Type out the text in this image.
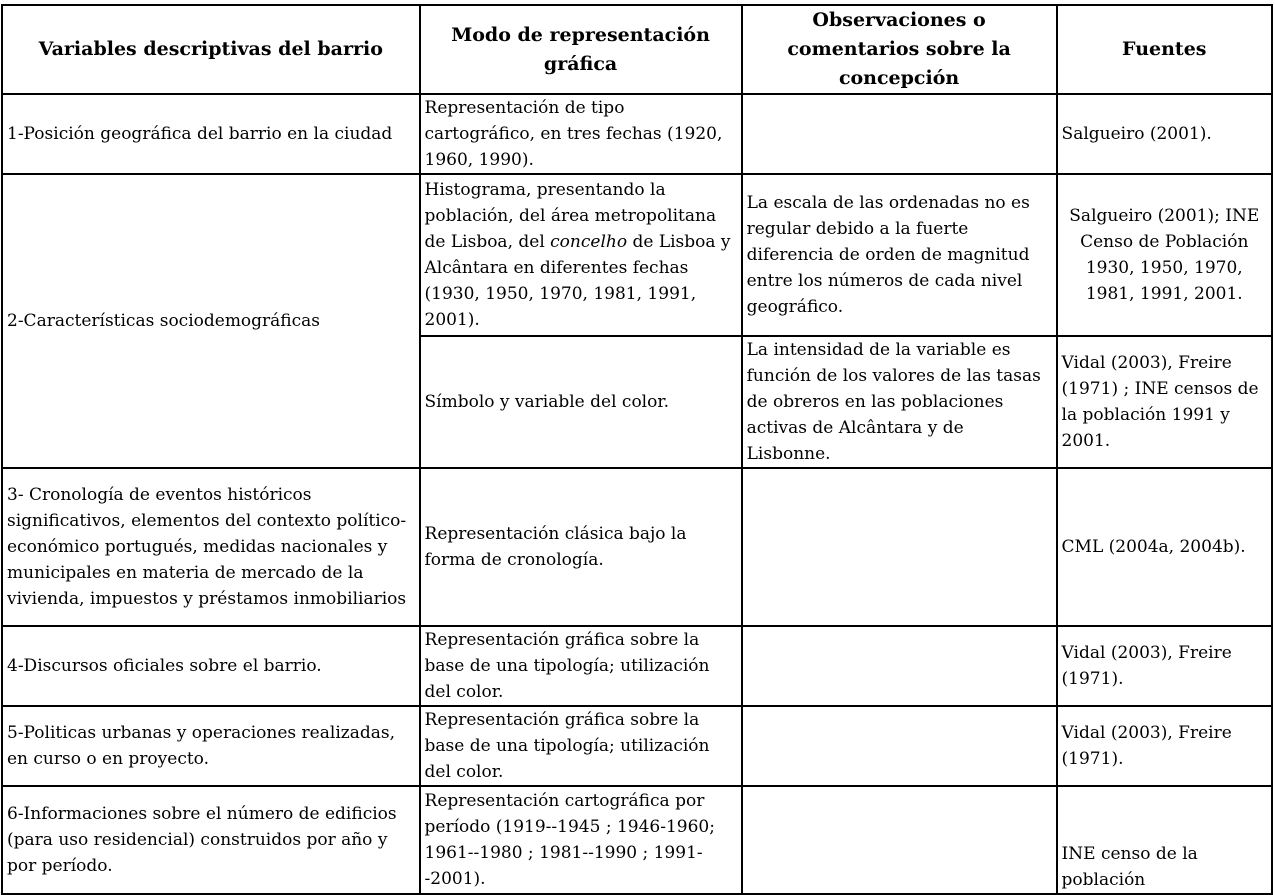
Variables descriptivas del barrio	Modo de representación gráfica	Observaciones o comentarios sobre la concepción	Fuentes
1-Posición geográfica del barrio en la ciudad	Representación de tipo cartográfico, en tres fechas (1920, 1960, 1990).		Salgueiro (2001).
2-Características sociodemográficas	Histograma, presentando la población, del área metropolitana de Lisboa, del concelho de Lisboa y Alcântara en diferentes fechas (1930, 1950, 1970, 1981, 1991, 2001).	La escala de las ordenadas no es regular debido a la fuerte diferencia de orden de magnitud entre los números de cada nivel geográfico.	Salgueiro (2001); INE Censo de Población 1930, 1950, 1970, 1981, 1991, 2001.
	Símbolo y variable del color.	La intensidad de la variable es función de los valores de las tasas de obreros en las poblaciones activas de Alcântara y de Lisbonne.	Vidal (2003), Freire (1971) ; INE censos de la población 1991 y 2001.
3- Cronología de eventos históricos significativos, elementos del contexto político-económico portugués, medidas nacionales y municipales en materia de mercado de la vivienda, impuestos y préstamos inmobiliarios	Representación clásica bajo la forma de cronología.		CML (2004a, 2004b).
4-Discursos oficiales sobre el barrio.	Representación gráfica sobre la base de una tipología; utilización del color.		Vidal (2003), Freire (1971).
5-Politicas urbanas y operaciones realizadas, en curso o en proyecto.	Representación gráfica sobre la base de una tipología; utilización del color.		Vidal (2003), Freire (1971).
6-Informaciones sobre el número de edificios (para uso residencial) construidos por año y por período.	Representación cartográfica por período (1919--1945 ; 1946-1960; 1961--1980 ; 1981--1990 ; 1991--2001).		INE censo de la población
